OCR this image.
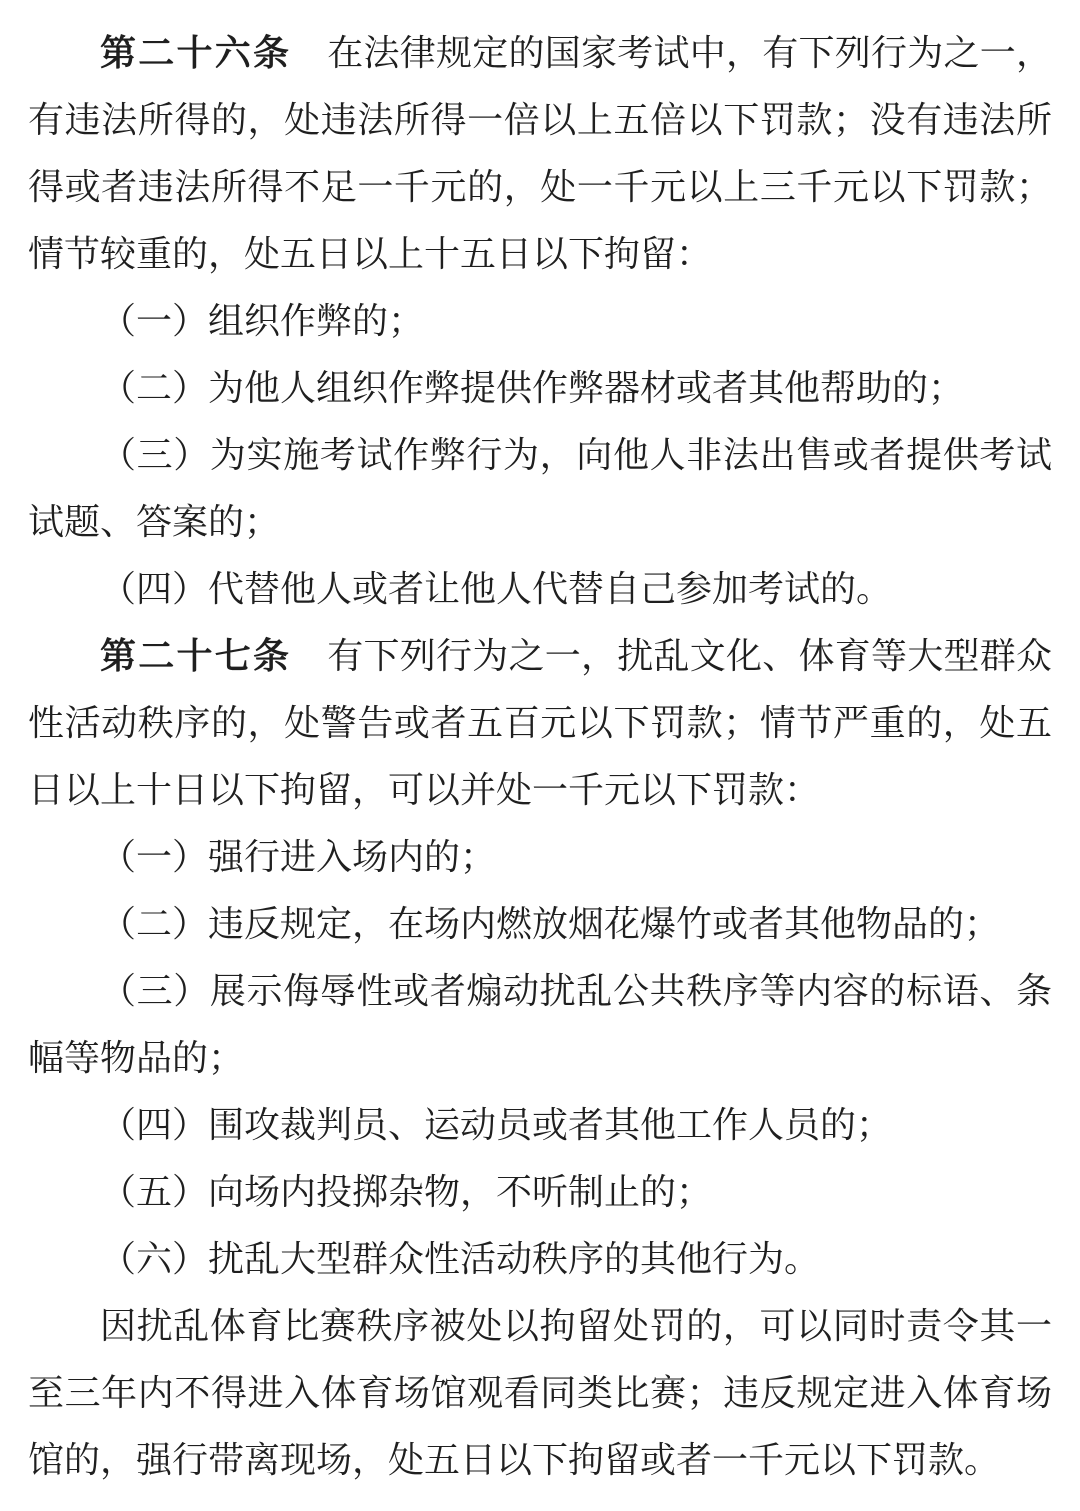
第二十六条 在法律规定的国家考试中，有下列行为之一，有违法所得的，处违法所得一倍以上五倍以下罚款；没有违法所得或者违法所得不足一千元的，处一千元以上三千元以下罚款；情节较重的，处五日以上十五日以下拘留：

（一）组织作弊的；

（二）为他人组织作弊提供作弊器材或者其他帮助的；

（三）为实施考试作弊行为，向他人非法出售或者提供考试试题、答案的；

（四）代替他人或者让他人代替自己参加考试的。

第二十七条 有下列行为之一，扰乱文化、体育等大型群众性活动秩序的，处警告或者五百元以下罚款；情节严重的，处五日以上十日以下拘留，可以并处一千元以下罚款：

（一）强行进入场内的；

（二）违反规定，在场内燃放烟花爆竹或者其他物品的；

（三）展示侮辱性或者煽动扰乱公共秩序等内容的标语、条幅等物品的；

（四）围攻裁判员、运动员或者其他工作人员的；

（五）向场内投掷杂物，不听制止的；

（六）扰乱大型群众性活动秩序的其他行为。

因扰乱体育比赛秩序被处以拘留处罚的，可以同时责令其一至三年内不得进入体育场馆观看同类比赛；违反规定进入体育场馆的，强行带离现场，处五日以下拘留或者一千元以下罚款。
